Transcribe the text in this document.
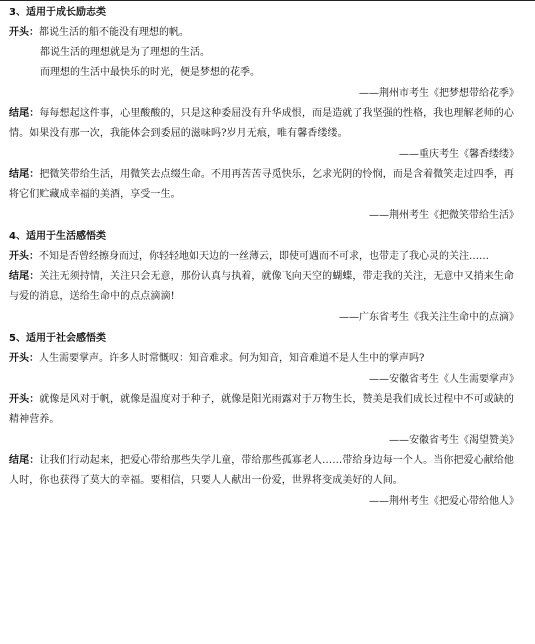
3、适用于成长励志类
开头：都说生活的船不能没有理想的帆。
都说生活的理想就是为了理想的生活。
而理想的生活中最快乐的时光，便是梦想的花季。
——荆州市考生《把梦想带给花季》
结尾：每每想起这件事，心里酸酸的，只是这种委屈没有升华成恨，而是造就了我坚强的性格，我也理解老师的心情。如果没有那一次，我能体会到委屈的滋味吗?岁月无痕，唯有馨香缕缕。
——重庆考生《馨香缕缕》
结尾：把微笑带给生活，用微笑去点缀生命。不用再苦苦寻觅快乐，乞求光阴的怜悯，而是含着微笑走过四季，再将它们贮藏成幸福的美酒，享受一生。
——荆州考生《把微笑带给生活》
4、适用于生活感悟类
开头：不知是否曾经擦身而过，你轻轻地如天边的一丝薄云，即使可遇而不可求，也带走了我心灵的关注……
结尾：关注无须持情，关注只会无意，那份认真与执着，就像飞向天空的蝴蝶，带走我的关注，无意中又捎来生命与爱的消息，送给生命中的点点滴滴!
——广东省考生《我关注生命中的点滴》
5、适用于社会感悟类
开头：人生需要掌声。许多人时常慨叹：知音难求。何为知音，知音难道不是人生中的掌声吗?
——安徽省考生《人生需要掌声》
开头：就像是风对于帆，就像是温度对于种子，就像是阳光雨露对于万物生长，赞美是我们成长过程中不可或缺的精神营养。
——安徽省考生《渴望赞美》
结尾：让我们行动起来，把爱心带给那些失学儿童，带给那些孤寡老人……带给身边每一个人。当你把爱心献给他人时，你也获得了莫大的幸福。要相信，只要人人献出一份爱，世界将变成美好的人间。
——荆州考生《把爱心带给他人》
